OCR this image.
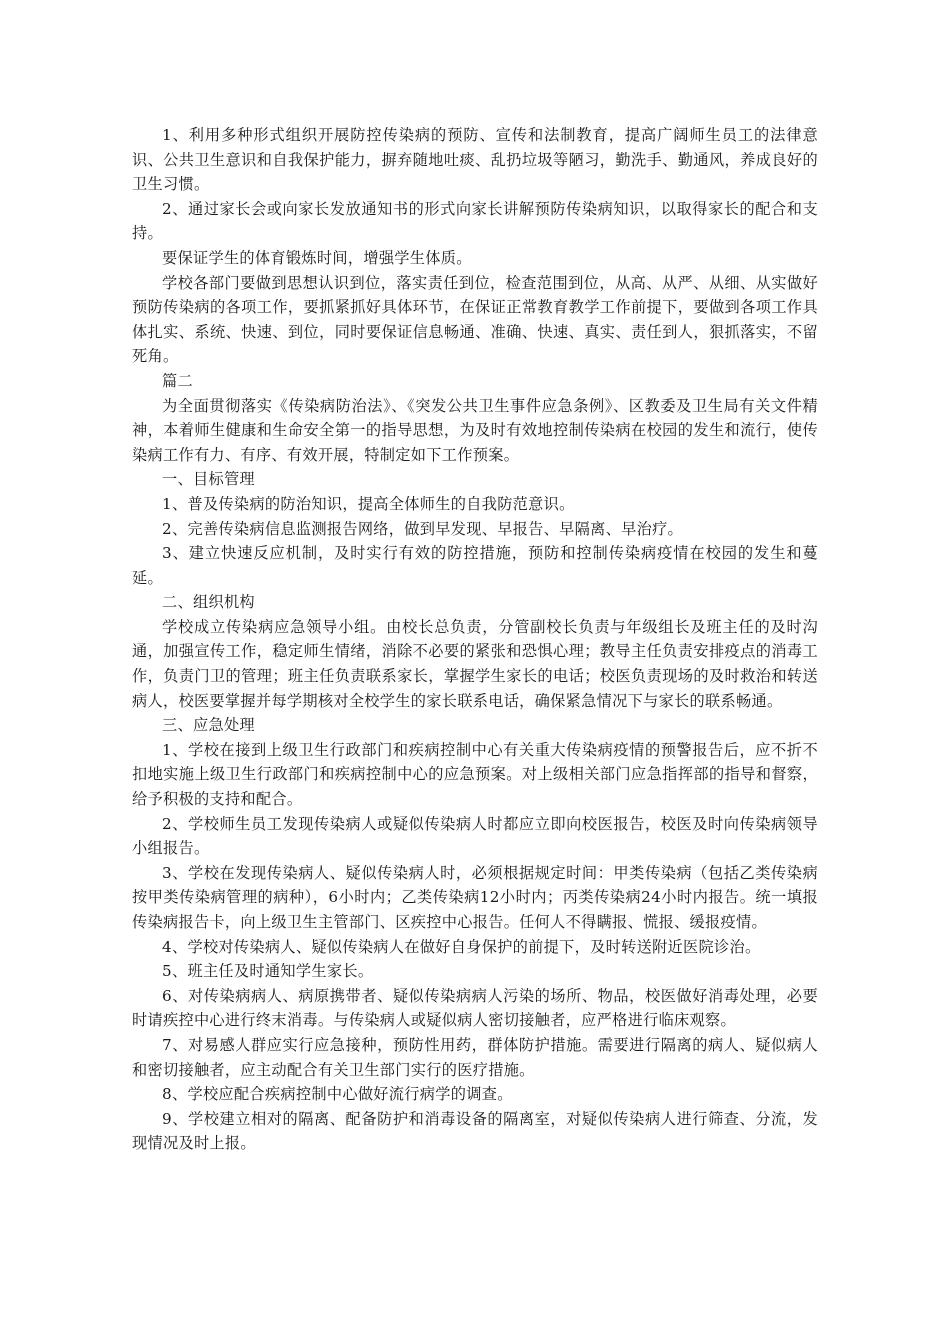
1、利用多种形式组织开展防控传染病的预防、宣传和法制教育，提高广阔师生员工的法律意识、公共卫生意识和自我保护能力，摒弃随地吐痰、乱扔垃圾等陋习，勤洗手、勤通风，养成良好的卫生习惯。

2、通过家长会或向家长发放通知书的形式向家长讲解预防传染病知识，以取得家长的配合和支持。

要保证学生的体育锻炼时间，增强学生体质。

学校各部门要做到思想认识到位，落实责任到位，检查范围到位，从高、从严、从细、从实做好预防传染病的各项工作，要抓紧抓好具体环节，在保证正常教育教学工作前提下，要做到各项工作具体扎实、系统、快速、到位，同时要保证信息畅通、准确、快速、真实、责任到人，狠抓落实，不留死角。

篇二

为全面贯彻落实《传染病防治法》、《突发公共卫生事件应急条例》、区教委及卫生局有关文件精神，本着师生健康和生命安全第一的指导思想，为及时有效地控制传染病在校园的发生和流行，使传染病工作有力、有序、有效开展，特制定如下工作预案。

一、目标管理

1、普及传染病的防治知识，提高全体师生的自我防范意识。

2、完善传染病信息监测报告网络，做到早发现、早报告、早隔离、早治疗。

3、建立快速反应机制，及时实行有效的防控措施，预防和控制传染病疫情在校园的发生和蔓延。

二、组织机构

学校成立传染病应急领导小组。由校长总负责，分管副校长负责与年级组长及班主任的及时沟通，加强宣传工作，稳定师生情绪，消除不必要的紧张和恐惧心理；教导主任负责安排疫点的消毒工作，负责门卫的管理；班主任负责联系家长，掌握学生家长的电话；校医负责现场的及时救治和转送病人，校医要掌握并每学期核对全校学生的家长联系电话，确保紧急情况下与家长的联系畅通。

三、应急处理

1、学校在接到上级卫生行政部门和疾病控制中心有关重大传染病疫情的预警报告后，应不折不扣地实施上级卫生行政部门和疾病控制中心的应急预案。对上级相关部门应急指挥部的指导和督察，给予积极的支持和配合。

2、学校师生员工发现传染病人或疑似传染病人时都应立即向校医报告，校医及时向传染病领导小组报告。

3、学校在发现传染病人、疑似传染病人时，必须根据规定时间：甲类传染病（包括乙类传染病按甲类传染病管理的病种），6小时内；乙类传染病12小时内；丙类传染病24小时内报告。统一填报传染病报告卡，向上级卫生主管部门、区疾控中心报告。任何人不得瞒报、慌报、缓报疫情。

4、学校对传染病人、疑似传染病人在做好自身保护的前提下，及时转送附近医院诊治。

5、班主任及时通知学生家长。

6、对传染病病人、病原携带者、疑似传染病病人污染的场所、物品，校医做好消毒处理，必要时请疾控中心进行终末消毒。与传染病人或疑似病人密切接触者，应严格进行临床观察。

7、对易感人群应实行应急接种，预防性用药，群体防护措施。需要进行隔离的病人、疑似病人和密切接触者，应主动配合有关卫生部门实行的医疗措施。

8、学校应配合疾病控制中心做好流行病学的调查。

9、学校建立相对的隔离、配备防护和消毒设备的隔离室，对疑似传染病人进行筛查、分流，发现情况及时上报。
